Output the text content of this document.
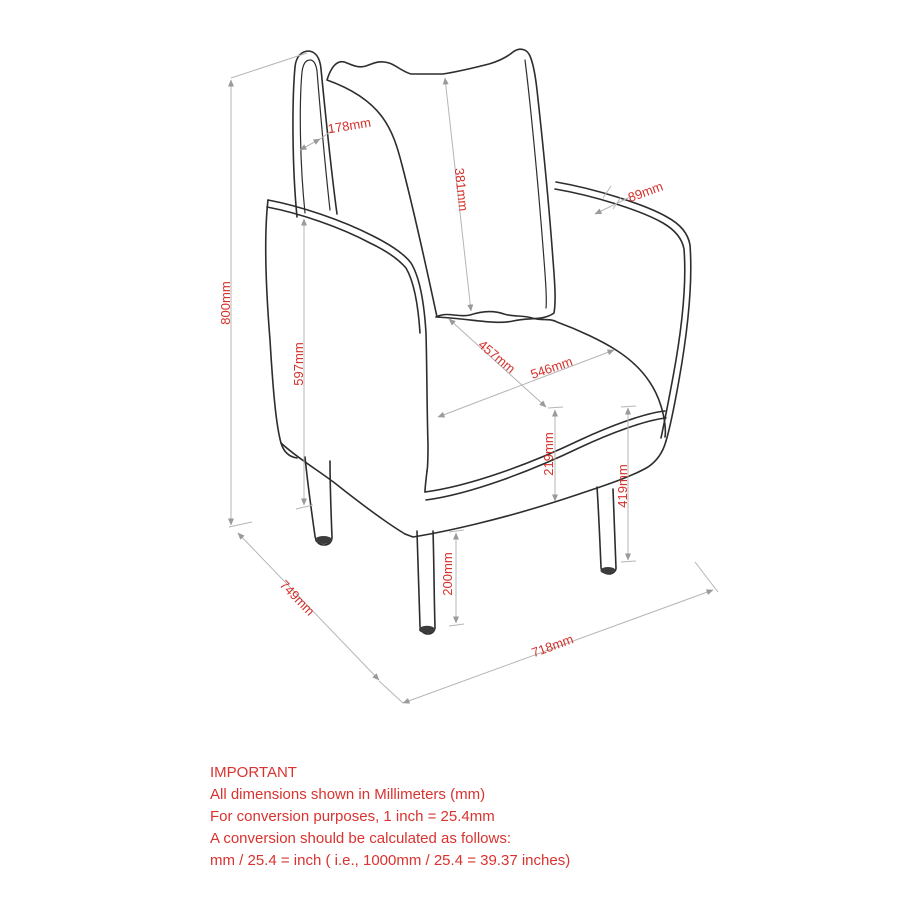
178mm
381mm	89mm
800mm
597mm	457mm 546mm
219mm
419mm
200mm
749mm
718mm

IMPORTANT

All dimensions shown in Millimeters (mm)

For conversion purposes, 1 inch = 25.4mm

A conversion should be calculated as follows:

mm / 25.4 = inch ( i.e., 1000mm / 25.4 = 39.37 inches)
